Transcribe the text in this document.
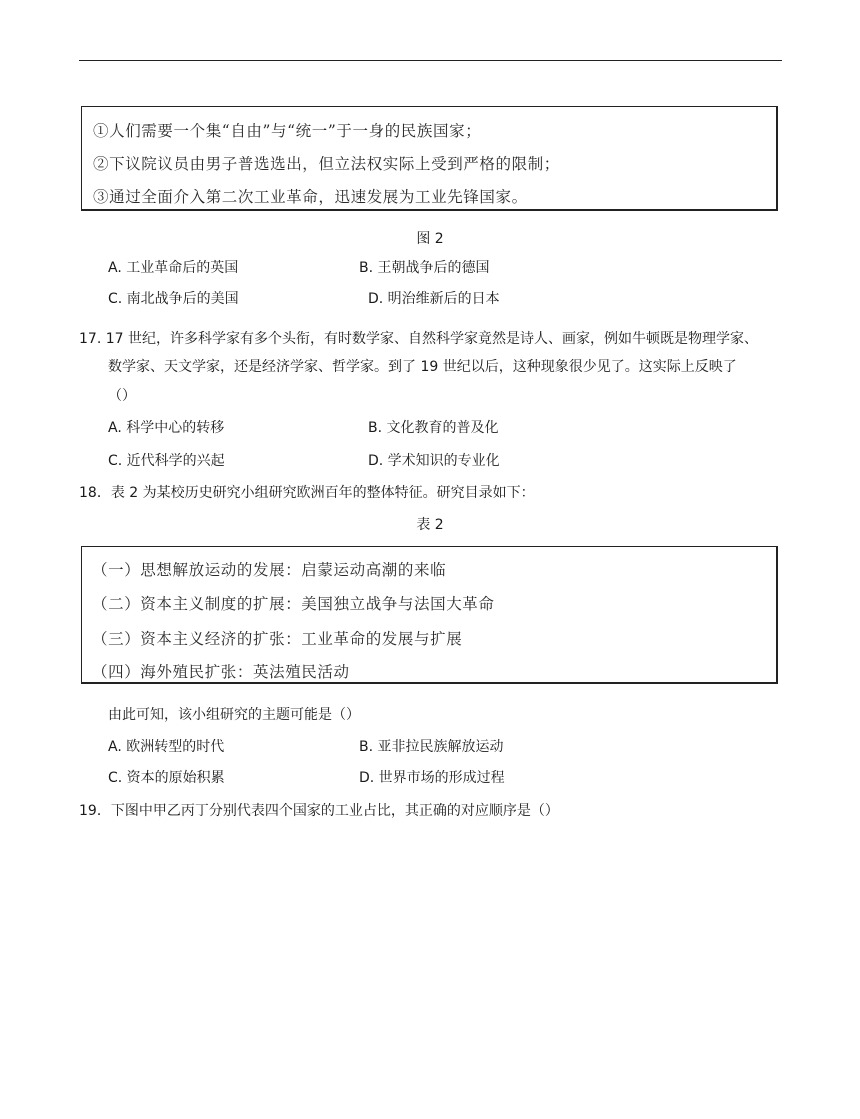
①人们需要一个集“自由”与“统一”于一身的民族国家；
②下议院议员由男子普选选出，但立法权实际上受到严格的限制；
③通过全面介入第二次工业革命，迅速发展为工业先锋国家。
图 2
A. 工业革命后的英国	B. 王朝战争后的德国
C. 南北战争后的美国	D. 明治维新后的日本
17. 17 世纪，许多科学家有多个头衔，有时数学家、自然科学家竟然是诗人、画家，例如牛顿既是物理学家、
数学家、天文学家，还是经济学家、哲学家。到了 19 世纪以后，这种现象很少见了。这实际上反映了
（）
A. 科学中心的转移	B. 文化教育的普及化
C. 近代科学的兴起	D. 学术知识的专业化
18．表 2 为某校历史研究小组研究欧洲百年的整体特征。研究目录如下：
表 2
（一）思想解放运动的发展：启蒙运动高潮的来临
（二）资本主义制度的扩展：美国独立战争与法国大革命
（三）资本主义经济的扩张：工业革命的发展与扩展
（四）海外殖民扩张：英法殖民活动
由此可知，该小组研究的主题可能是（）
A. 欧洲转型的时代	B. 亚非拉民族解放运动
C. 资本的原始积累	D. 世界市场的形成过程
19．下图中甲乙丙丁分别代表四个国家的工业占比，其正确的对应顺序是（）
